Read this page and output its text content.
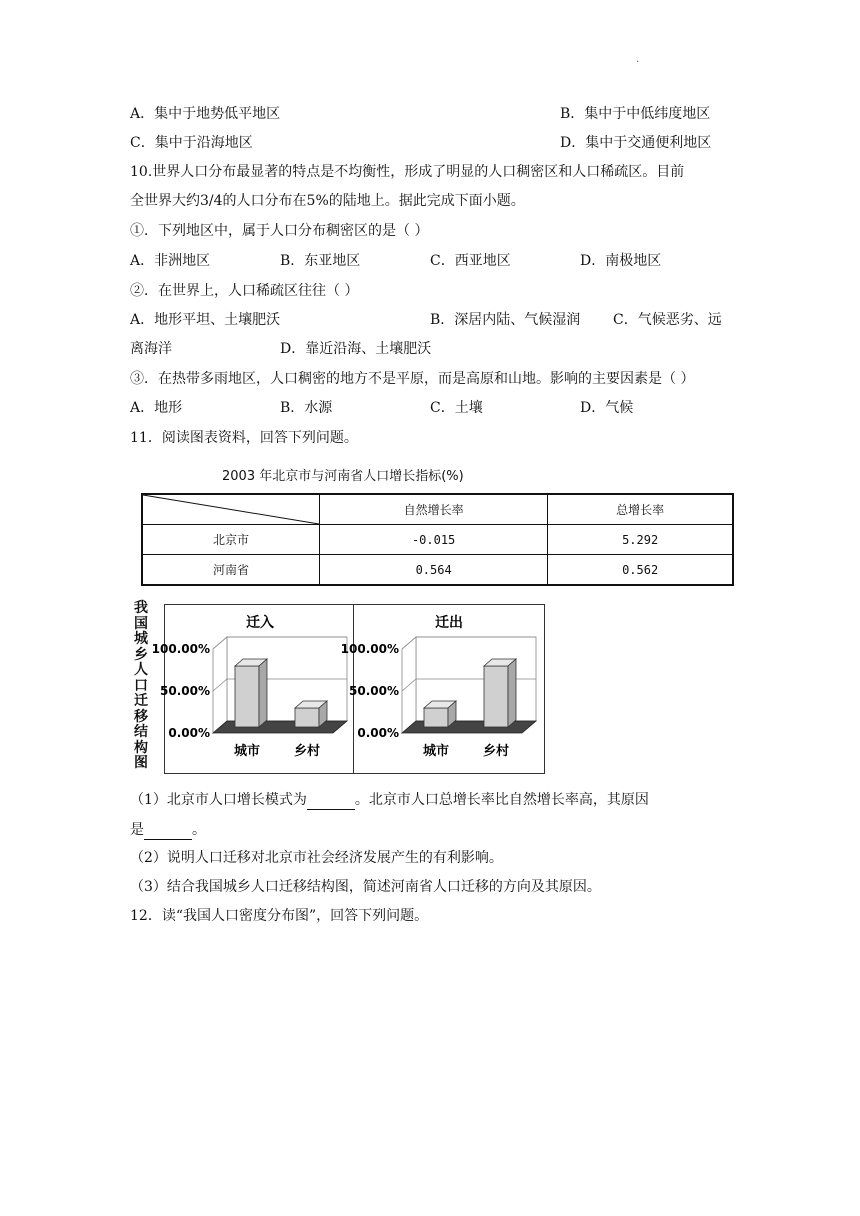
.
A．集中于地势低平地区	B．集中于中低纬度地区
C．集中于沿海地区	D．集中于交通便利地区
10.世界人口分布最显著的特点是不均衡性，形成了明显的人口稠密区和人口稀疏区。目前
全世界大约3/4的人口分布在5%的陆地上。据此完成下面小题。
①．下列地区中，属于人口分布稠密区的是（ ）
A．非洲地区	B．东亚地区	C．西亚地区	D．南极地区
②．在世界上，人口稀疏区往往（ ）
A．地形平坦、土壤肥沃	B．深居内陆、气候湿润 C．气候恶劣、远
离海洋	D．靠近沿海、土壤肥沃
③．在热带多雨地区，人口稠密的地方不是平原，而是高原和山地。影响的主要因素是（ ）
A．地形	B．水源	C．土壤	D．气候
11．阅读图表资料，回答下列问题。
2003 年北京市与河南省人口增长指标(%)
	自然增长率	总增长率
北京市	-0.015	5.292
河南省	0.564	0.562
我国城乡人口迁移结构图
迁入
0.00%
50.00%
100.00%
城市	乡村
迁出
0.00%
50.00%
100.00%
城市	乡村
（1）北京市人口增长模式为	。北京市人口总增长率比自然增长率高，其原因
是	。
（2）说明人口迁移对北京市社会经济发展产生的有利影响。
（3）结合我国城乡人口迁移结构图，简述河南省人口迁移的方向及其原因。
12．读“我国人口密度分布图”，回答下列问题。
